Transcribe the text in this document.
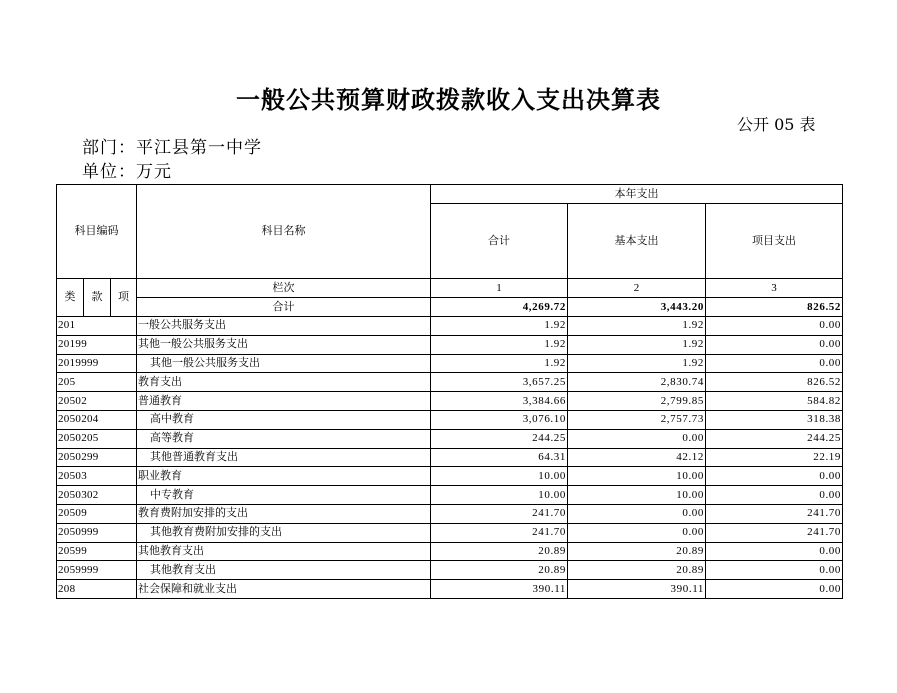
一般公共预算财政拨款收入支出决算表
公开 05 表
部门：平江县第一中学
单位：万元
科目编码			科目名称	本年支出		
				合计	基本支出	项目支出
类	款	项	栏次	1	2	3
			合计	4,269.72	3,443.20	826.52
201			一般公共服务支出	1.92	1.92	0.00
20199			其他一般公共服务支出	1.92	1.92	0.00
2019999			其他一般公共服务支出	1.92	1.92	0.00
205			教育支出	3,657.25	2,830.74	826.52
20502			普通教育	3,384.66	2,799.85	584.82
2050204			高中教育	3,076.10	2,757.73	318.38
2050205			高等教育	244.25	0.00	244.25
2050299			其他普通教育支出	64.31	42.12	22.19
20503			职业教育	10.00	10.00	0.00
2050302			中专教育	10.00	10.00	0.00
20509			教育费附加安排的支出	241.70	0.00	241.70
2050999			其他教育费附加安排的支出	241.70	0.00	241.70
20599			其他教育支出	20.89	20.89	0.00
2059999			其他教育支出	20.89	20.89	0.00
208			社会保障和就业支出	390.11	390.11	0.00
